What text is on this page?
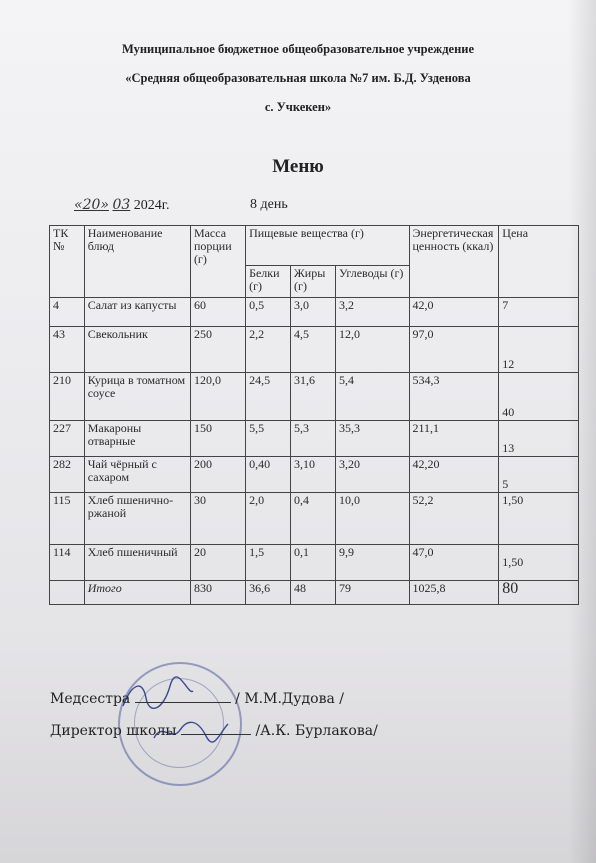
Муниципальное бюджетное общеобразовательное учреждение
«Средняя общеобразовательная школа №7 им. Б.Д. Узденова
с. Учкекен»
Меню
«20» 03 2024г.	8 день
ТК №	Наименование блюд	Масса порции (г)	Пищевые вещества (г)			Энергетическая ценность (ккал)	Цена
			Белки (г)	Жиры (г)	Углеводы (г)		
4	Салат из капусты	60	0,5	3,0	3,2	42,0	7
43	Свекольник	250	2,2	4,5	12,0	97,0	12
210	Курица в томатном соусе	120,0	24,5	31,6	5,4	534,3	40
227	Макароны отварные	150	5,5	5,3	35,3	211,1	13
282	Чай чёрный с сахаром	200	0,40	3,10	3,20	42,20	5
115	Хлеб пшенично-ржаной	30	2,0	0,4	10,0	52,2	1,50
114	Хлеб пшеничный	20	1,5	0,1	9,9	47,0	1,50
	Итого	830	36,6	48	79	1025,8	80
Медсестра	/ М.М.Дудова /
Директор школы	/А.К. Бурлакова/
